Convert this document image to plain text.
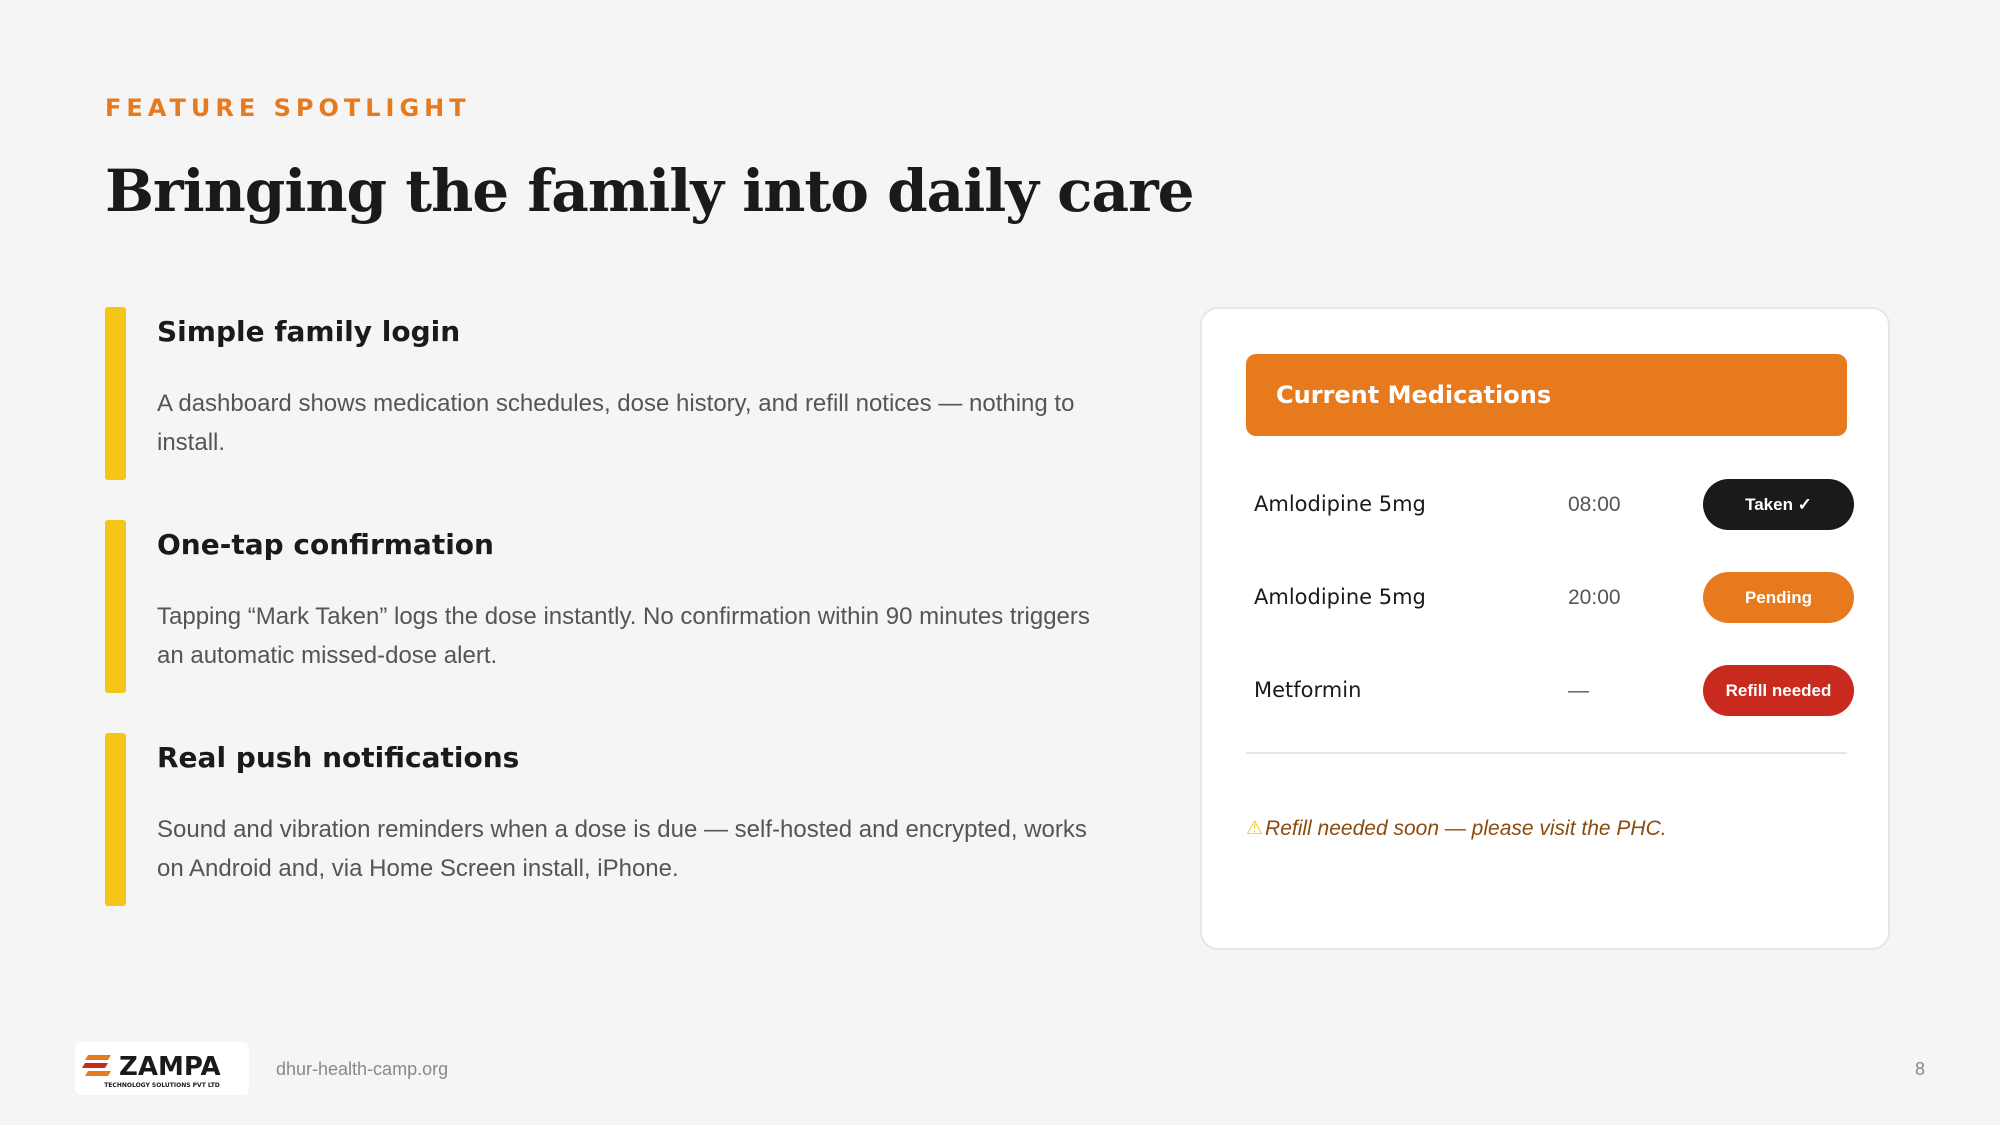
FEATURE SPOTLIGHT
Bringing the family into daily care
Simple family login

A dashboard shows medication schedules, dose history, and refill notices — nothing to install.

One-tap confirmation

Tapping “Mark Taken” logs the dose instantly. No confirmation within 90 minutes triggers an automatic missed-dose alert.

Real push notifications

Sound and vibration reminders when a dose is due — self-hosted and encrypted, works on Android and, via Home Screen install, iPhone.

Current Medications
Amlodipine 5mg	08:00	Taken ✓
Amlodipine 5mg	20:00	Pending
Metformin	—	Refill needed
⚠Refill needed soon — please visit the PHC.
ZAMPA
TECHNOLOGY SOLUTIONS PVT LTD
dhur-health-camp.org	8
